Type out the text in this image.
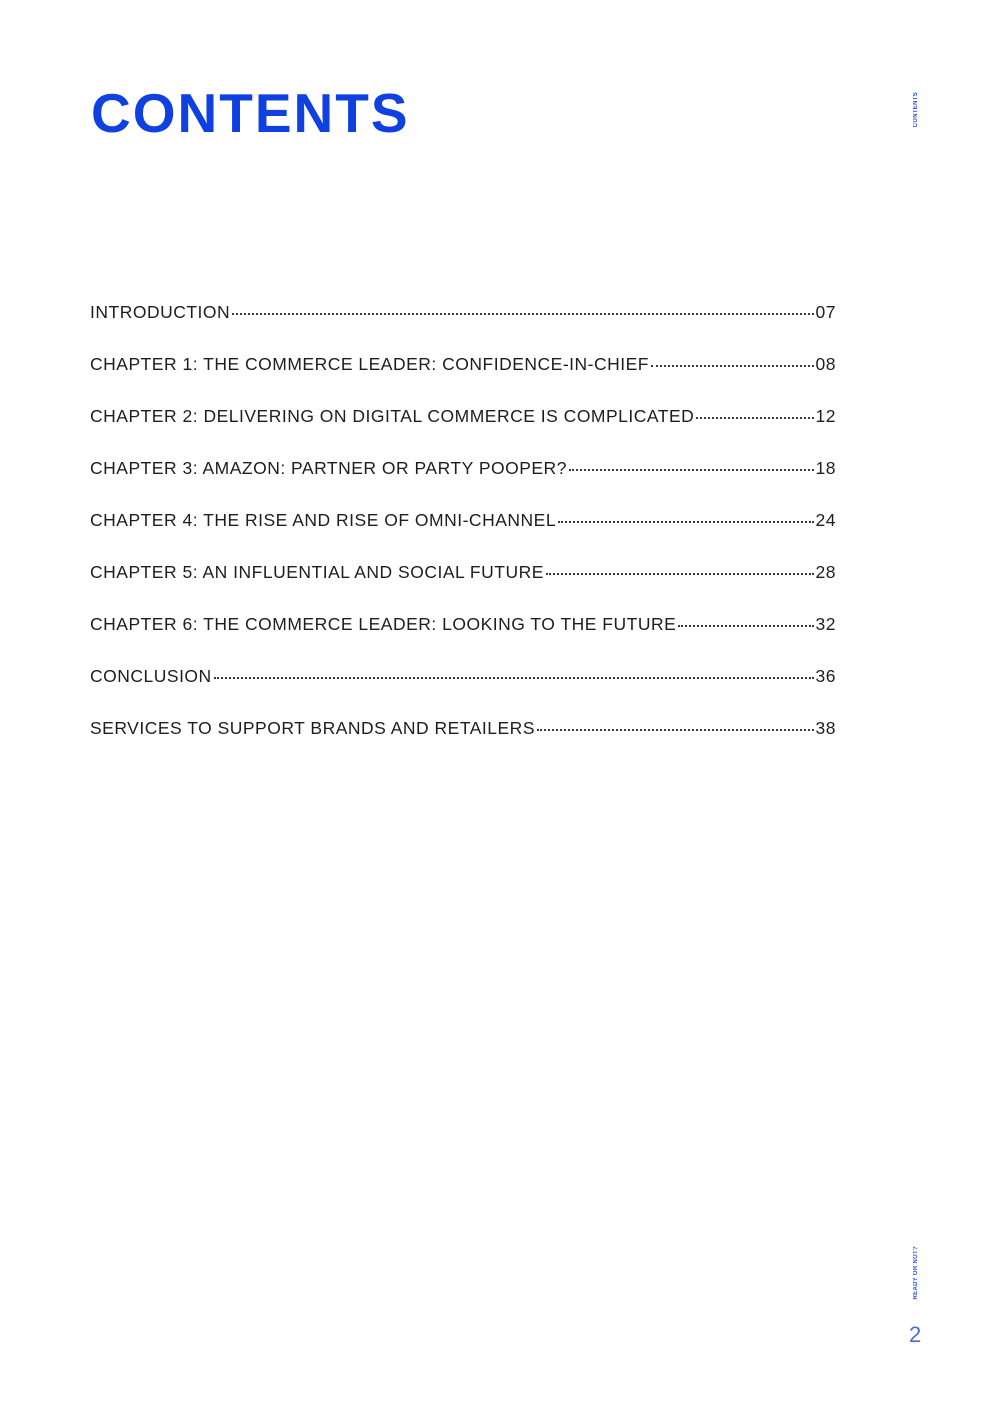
CONTENTS	CONTENTS
INTRODUCTION	07
CHAPTER 1: THE COMMERCE LEADER: CONFIDENCE-IN-CHIEF	08
CHAPTER 2: DELIVERING ON DIGITAL COMMERCE IS COMPLICATED	12
CHAPTER 3: AMAZON: PARTNER OR PARTY POOPER?	18
CHAPTER 4: THE RISE AND RISE OF OMNI-CHANNEL	24
CHAPTER 5: AN INFLUENTIAL AND SOCIAL FUTURE	28
CHAPTER 6: THE COMMERCE LEADER: LOOKING TO THE FUTURE	32
CONCLUSION	36
SERVICES TO SUPPORT BRANDS AND RETAILERS	38
READY OR NOT?
2
